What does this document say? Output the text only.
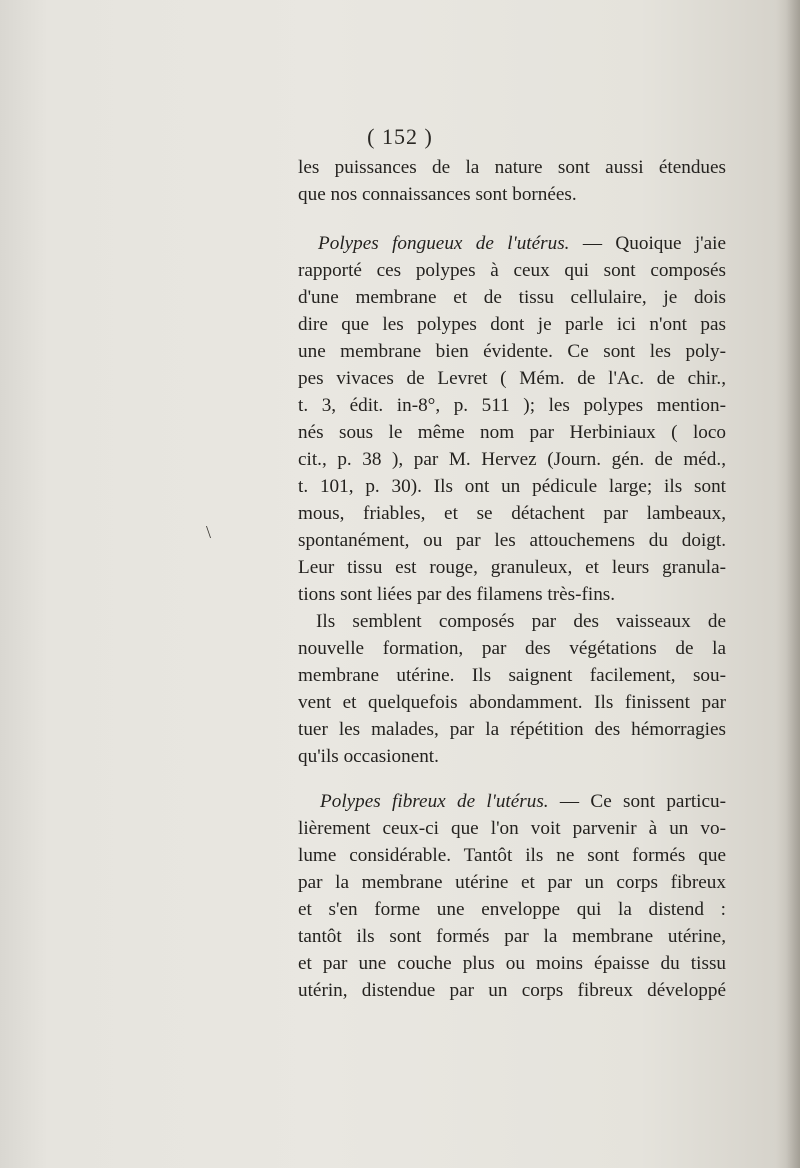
( 152 )
\
les puissances de la nature sont aussi étendues
que nos connaissances sont bornées.
Polypes fongueux de l'utérus. — Quoique j'aie
rapporté ces polypes à ceux qui sont composés
d'une membrane et de tissu cellulaire, je dois
dire que les polypes dont je parle ici n'ont pas
une membrane bien évidente. Ce sont les poly-
pes vivaces de Levret ( Mém. de l'Ac. de chir.,
t. 3, édit. in-8°, p. 511 ); les polypes mention-
nés sous le même nom par Herbiniaux ( loco
cit., p. 38 ), par M. Hervez (Journ. gén. de méd.,
t. 101, p. 30). Ils ont un pédicule large; ils sont
mous, friables, et se détachent par lambeaux,
spontanément, ou par les attouchemens du doigt.
Leur tissu est rouge, granuleux, et leurs granula-
tions sont liées par des filamens très-fins.
Ils semblent composés par des vaisseaux de
nouvelle formation, par des végétations de la
membrane utérine. Ils saignent facilement, sou-
vent et quelquefois abondamment. Ils finissent par
tuer les malades, par la répétition des hémorragies
qu'ils occasionent.
Polypes fibreux de l'utérus. — Ce sont particu-
lièrement ceux-ci que l'on voit parvenir à un vo-
lume considérable. Tantôt ils ne sont formés que
par la membrane utérine et par un corps fibreux
et s'en forme une enveloppe qui la distend :
tantôt ils sont formés par la membrane utérine,
et par une couche plus ou moins épaisse du tissu
utérin, distendue par un corps fibreux développé
